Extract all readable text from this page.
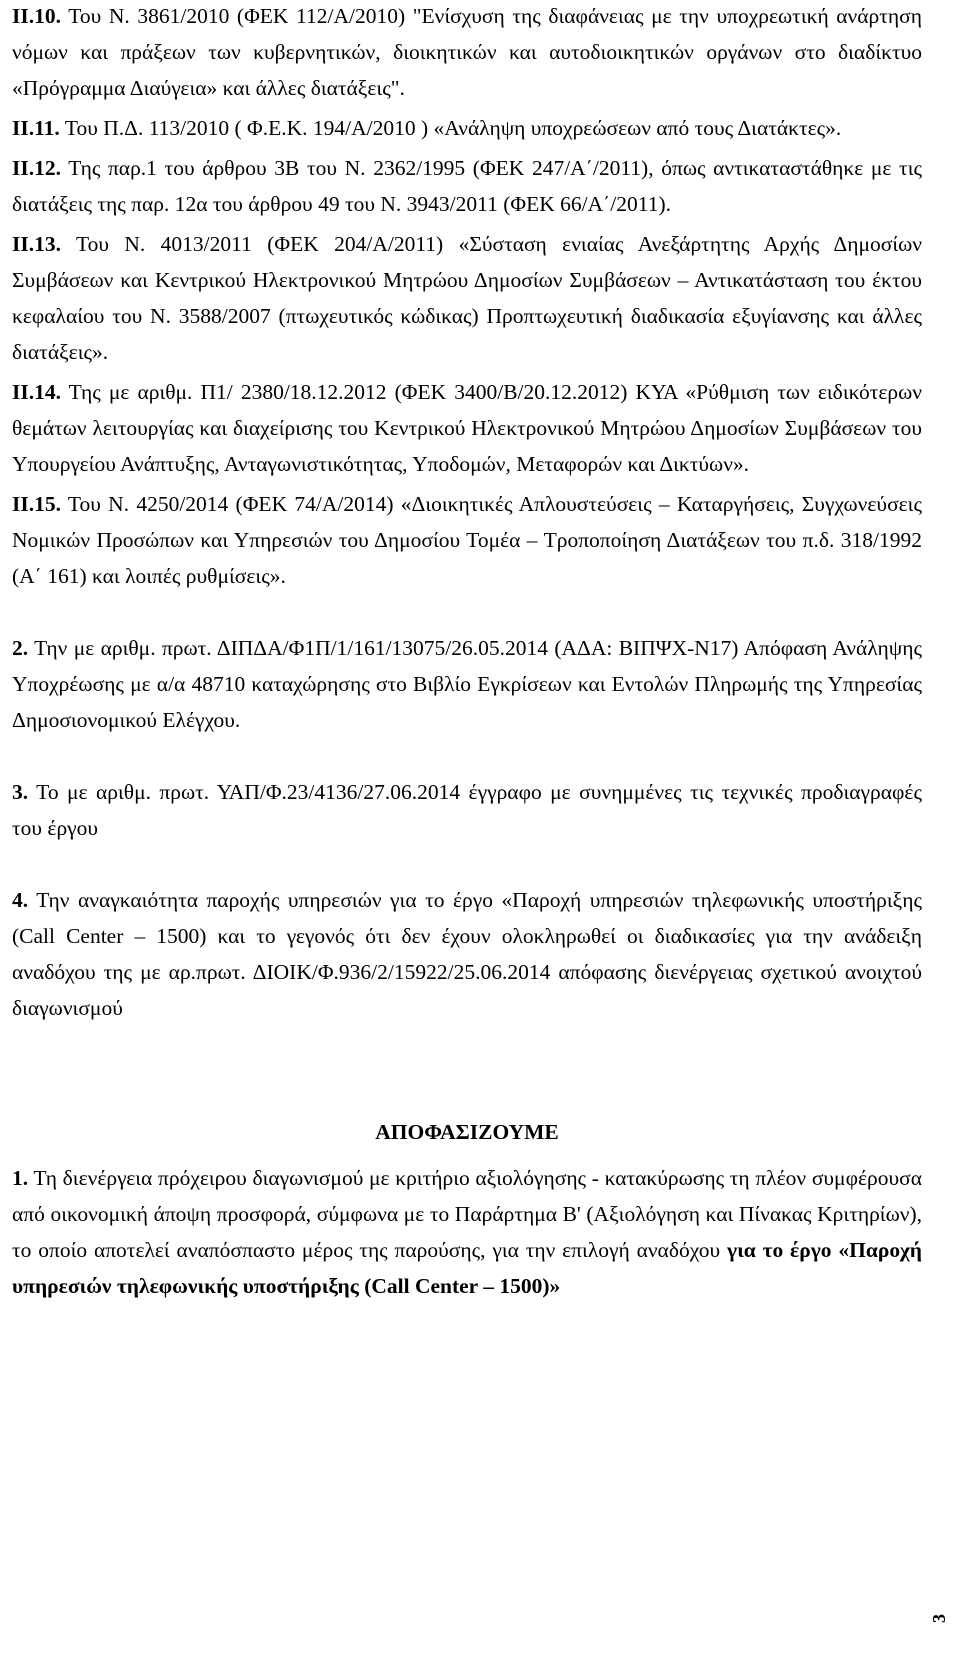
ΙΙ.10. Του Ν. 3861/2010 (ΦΕΚ 112/Α/2010) "Ενίσχυση της διαφάνειας με την υποχρεωτική ανάρτηση νόμων και πράξεων των κυβερνητικών, διοικητικών και αυτοδιοικητικών οργάνων στο διαδίκτυο «Πρόγραμμα Διαύγεια» και άλλες διατάξεις".

ΙΙ.11. Του Π.Δ. 113/2010 ( Φ.Ε.Κ. 194/Α/2010 ) «Ανάληψη υποχρεώσεων από τους Διατάκτες».

ΙΙ.12. Της παρ.1 του άρθρου 3Β του Ν. 2362/1995 (ΦΕΚ 247/Α΄/2011), όπως αντικαταστάθηκε με τις διατάξεις της παρ. 12α του άρθρου 49 του Ν. 3943/2011 (ΦΕΚ 66/Α΄/2011).

ΙΙ.13. Του Ν. 4013/2011 (ΦΕΚ 204/Α/2011) «Σύσταση ενιαίας Ανεξάρτητης Αρχής Δημοσίων Συμβάσεων και Κεντρικού Ηλεκτρονικού Μητρώου Δημοσίων Συμβάσεων – Αντικατάσταση του έκτου κεφαλαίου του Ν. 3588/2007 (πτωχευτικός κώδικας) Προπτωχευτική διαδικασία εξυγίανσης και άλλες διατάξεις».

ΙΙ.14. Της με αριθμ. Π1/ 2380/18.12.2012 (ΦΕΚ 3400/Β/20.12.2012) ΚΥΑ «Ρύθμιση των ειδικότερων θεμάτων λειτουργίας και διαχείρισης του Κεντρικού Ηλεκτρονικού Μητρώου Δημοσίων Συμβάσεων του Υπουργείου Ανάπτυξης, Ανταγωνιστικότητας, Υποδομών, Μεταφορών και Δικτύων».

ΙΙ.15. Του Ν. 4250/2014 (ΦΕΚ 74/Α/2014) «Διοικητικές Απλουστεύσεις – Καταργήσεις, Συγχωνεύσεις Νομικών Προσώπων και Υπηρεσιών του Δημοσίου Τομέα – Τροποποίηση Διατάξεων του π.δ. 318/1992 (Α΄ 161) και λοιπές ρυθμίσεις».

2. Την με αριθμ. πρωτ. ΔΙΠΔΑ/Φ1Π/1/161/13075/26.05.2014 (ΑΔΑ: ΒΙΠΨΧ-Ν17) Απόφαση Ανάληψης Υποχρέωσης με α/α 48710 καταχώρησης στο Βιβλίο Εγκρίσεων και Εντολών Πληρωμής της Υπηρεσίας Δημοσιονομικού Ελέγχου.

3. Το με αριθμ. πρωτ. ΥΑΠ/Φ.23/4136/27.06.2014 έγγραφο με συνημμένες τις τεχνικές προδιαγραφές του έργου

4. Την αναγκαιότητα παροχής υπηρεσιών για το έργο «Παροχή υπηρεσιών τηλεφωνικής υποστήριξης (Call Center – 1500) και το γεγονός ότι δεν έχουν ολοκληρωθεί οι διαδικασίες για την ανάδειξη αναδόχου της με αρ.πρωτ. ΔΙΟΙΚ/Φ.936/2/15922/25.06.2014 απόφασης διενέργειας σχετικού ανοιχτού διαγωνισμού

ΑΠΟΦΑΣΙΖΟΥΜΕ

1. Τη διενέργεια πρόχειρου διαγωνισμού με κριτήριο αξιολόγησης - κατακύρωσης τη πλέον συμφέρουσα από οικονομική άποψη προσφορά, σύμφωνα με το Παράρτημα Β' (Αξιολόγηση και Πίνακας Κριτηρίων), το οποίο αποτελεί αναπόσπαστο μέρος της παρούσης, για την επιλογή αναδόχου για το έργο «Παροχή υπηρεσιών τηλεφωνικής υποστήριξης (Call Center – 1500)»

3
